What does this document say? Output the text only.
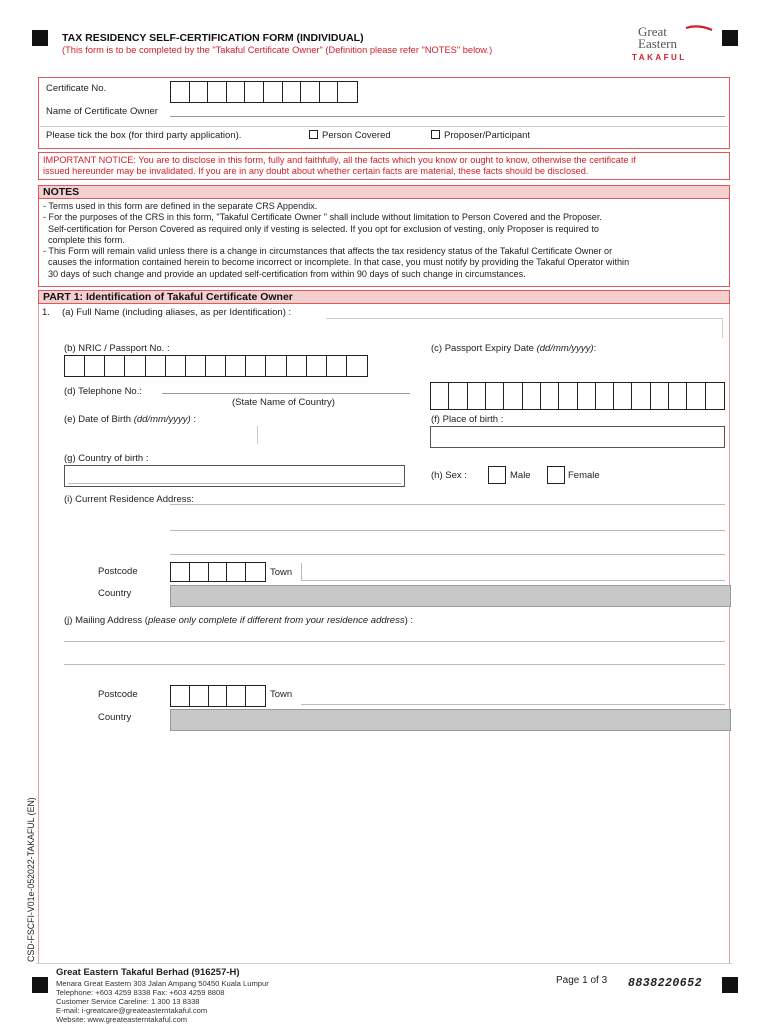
TAX RESIDENCY SELF-CERTIFICATION FORM (INDIVIDUAL)
(This form is to be completed by the "Takaful Certificate Owner" (Definition please refer "NOTES" below.)
Great
Eastern
TAKAFUL
Certificate No.
Name of Certificate Owner
Please tick the box (for third party application).	Person Covered	Proposer/Participant
IMPORTANT NOTICE: You are to disclose in this form, fully and faithfully, all the facts which you know or ought to know, otherwise the certificate if
issued hereunder may be invalidated. If you are in any doubt about whether certain facts are material, these facts should be disclosed.
NOTES

- Terms used in this form are defined in the separate CRS Appendix.

- For the purposes of the CRS in this form, "Takaful Certificate Owner " shall include without limitation to Person Covered and the Proposer.

Self-certification for Person Covered as required only if vesting is selected. If you opt for exclusion of vesting, only Proposer is required to

complete this form.

- This Form will remain valid unless there is a change in circumstances that affects the tax residency status of the Takaful Certificate Owner or

causes the information contained herein to become incorrect or incomplete. In that case, you must notify by providing the Takaful Operator within

30 days of such change and provide an updated self-certification from within 90 days of such change in circumstances.

PART 1: Identification of Takaful Certificate Owner
1. (a) Full Name (including aliases, as per Identification) :
(b) NRIC / Passport No. :	(c) Passport Expiry Date (dd/mm/yyyy):
(d) Telephone No.:
(State Name of Country)
(e) Date of Birth (dd/mm/yyyy) :	(f) Place of birth :
(g) Country of birth :
(h) Sex :	Male	Female
(i) Current Residence Address:
Postcode	Town
Country
(j) Mailing Address (please only complete if different from your residence address) :
Postcode	Town
Country
CSD-FSCFI-V01e-052022-TAKAFUL (EN)
Great Eastern Takaful Berhad (916257-H)
Menara Great Eastern 303 Jalan Ampang 50450 Kuala Lumpur
Telephone: +603 4259 8338 Fax: +603 4259 8808
Customer Service Careline: 1 300 13 8338
E-mail: i-greatcare@greateasterntakaful.com
Website: www.greateasterntakaful.com
Page 1 of 3 8838220652
